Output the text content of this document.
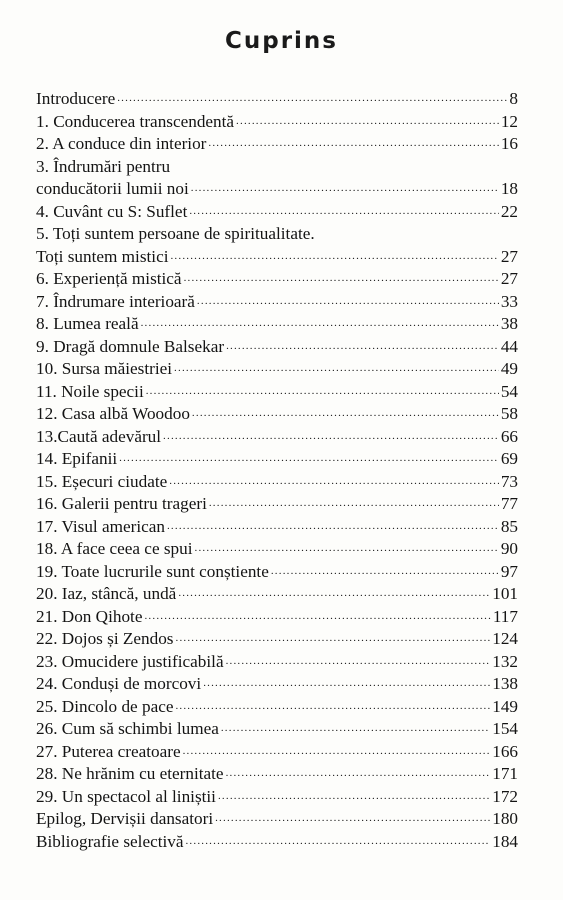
Cuprins
Introducere .....	8
1. Conducerea transcendentă .....	12
2. A conduce din interior .....	16
3. Îndrumări pentru
conducătorii lumii noi .....	18
4. Cuvânt cu S: Suflet .....	22
5. Toți suntem persoane de spiritualitate.
Toți suntem mistici .....	27
6. Experiență mistică .....	27
7. Îndrumare interioară .....	33
8. Lumea reală .....	38
9. Dragă domnule Balsekar .....	44
10. Sursa măiestriei .....	49
11. Noile specii .....	54
12. Casa albă Woodoo .....	58
13.Caută adevărul .....	66
14. Epifanii .....	69
15. Eșecuri ciudate .....	73
16. Galerii pentru trageri .....	77
17. Visul american .....	85
18. A face ceea ce spui .....	90
19. Toate lucrurile sunt conștiente .....	97
20. Iaz, stâncă, undă .....	101
21. Don Qihote .....	117
22. Dojos și Zendos .....	124
23. Omucidere justificabilă .....	132
24. Conduși de morcovi .....	138
25. Dincolo de pace .....	149
26. Cum să schimbi lumea .....	154
27. Puterea creatoare .....	166
28. Ne hrănim cu eternitate .....	171
29. Un spectacol al liniștii .....	172
Epilog, Dervișii dansatori .....	180
Bibliografie selectivă .....	184
